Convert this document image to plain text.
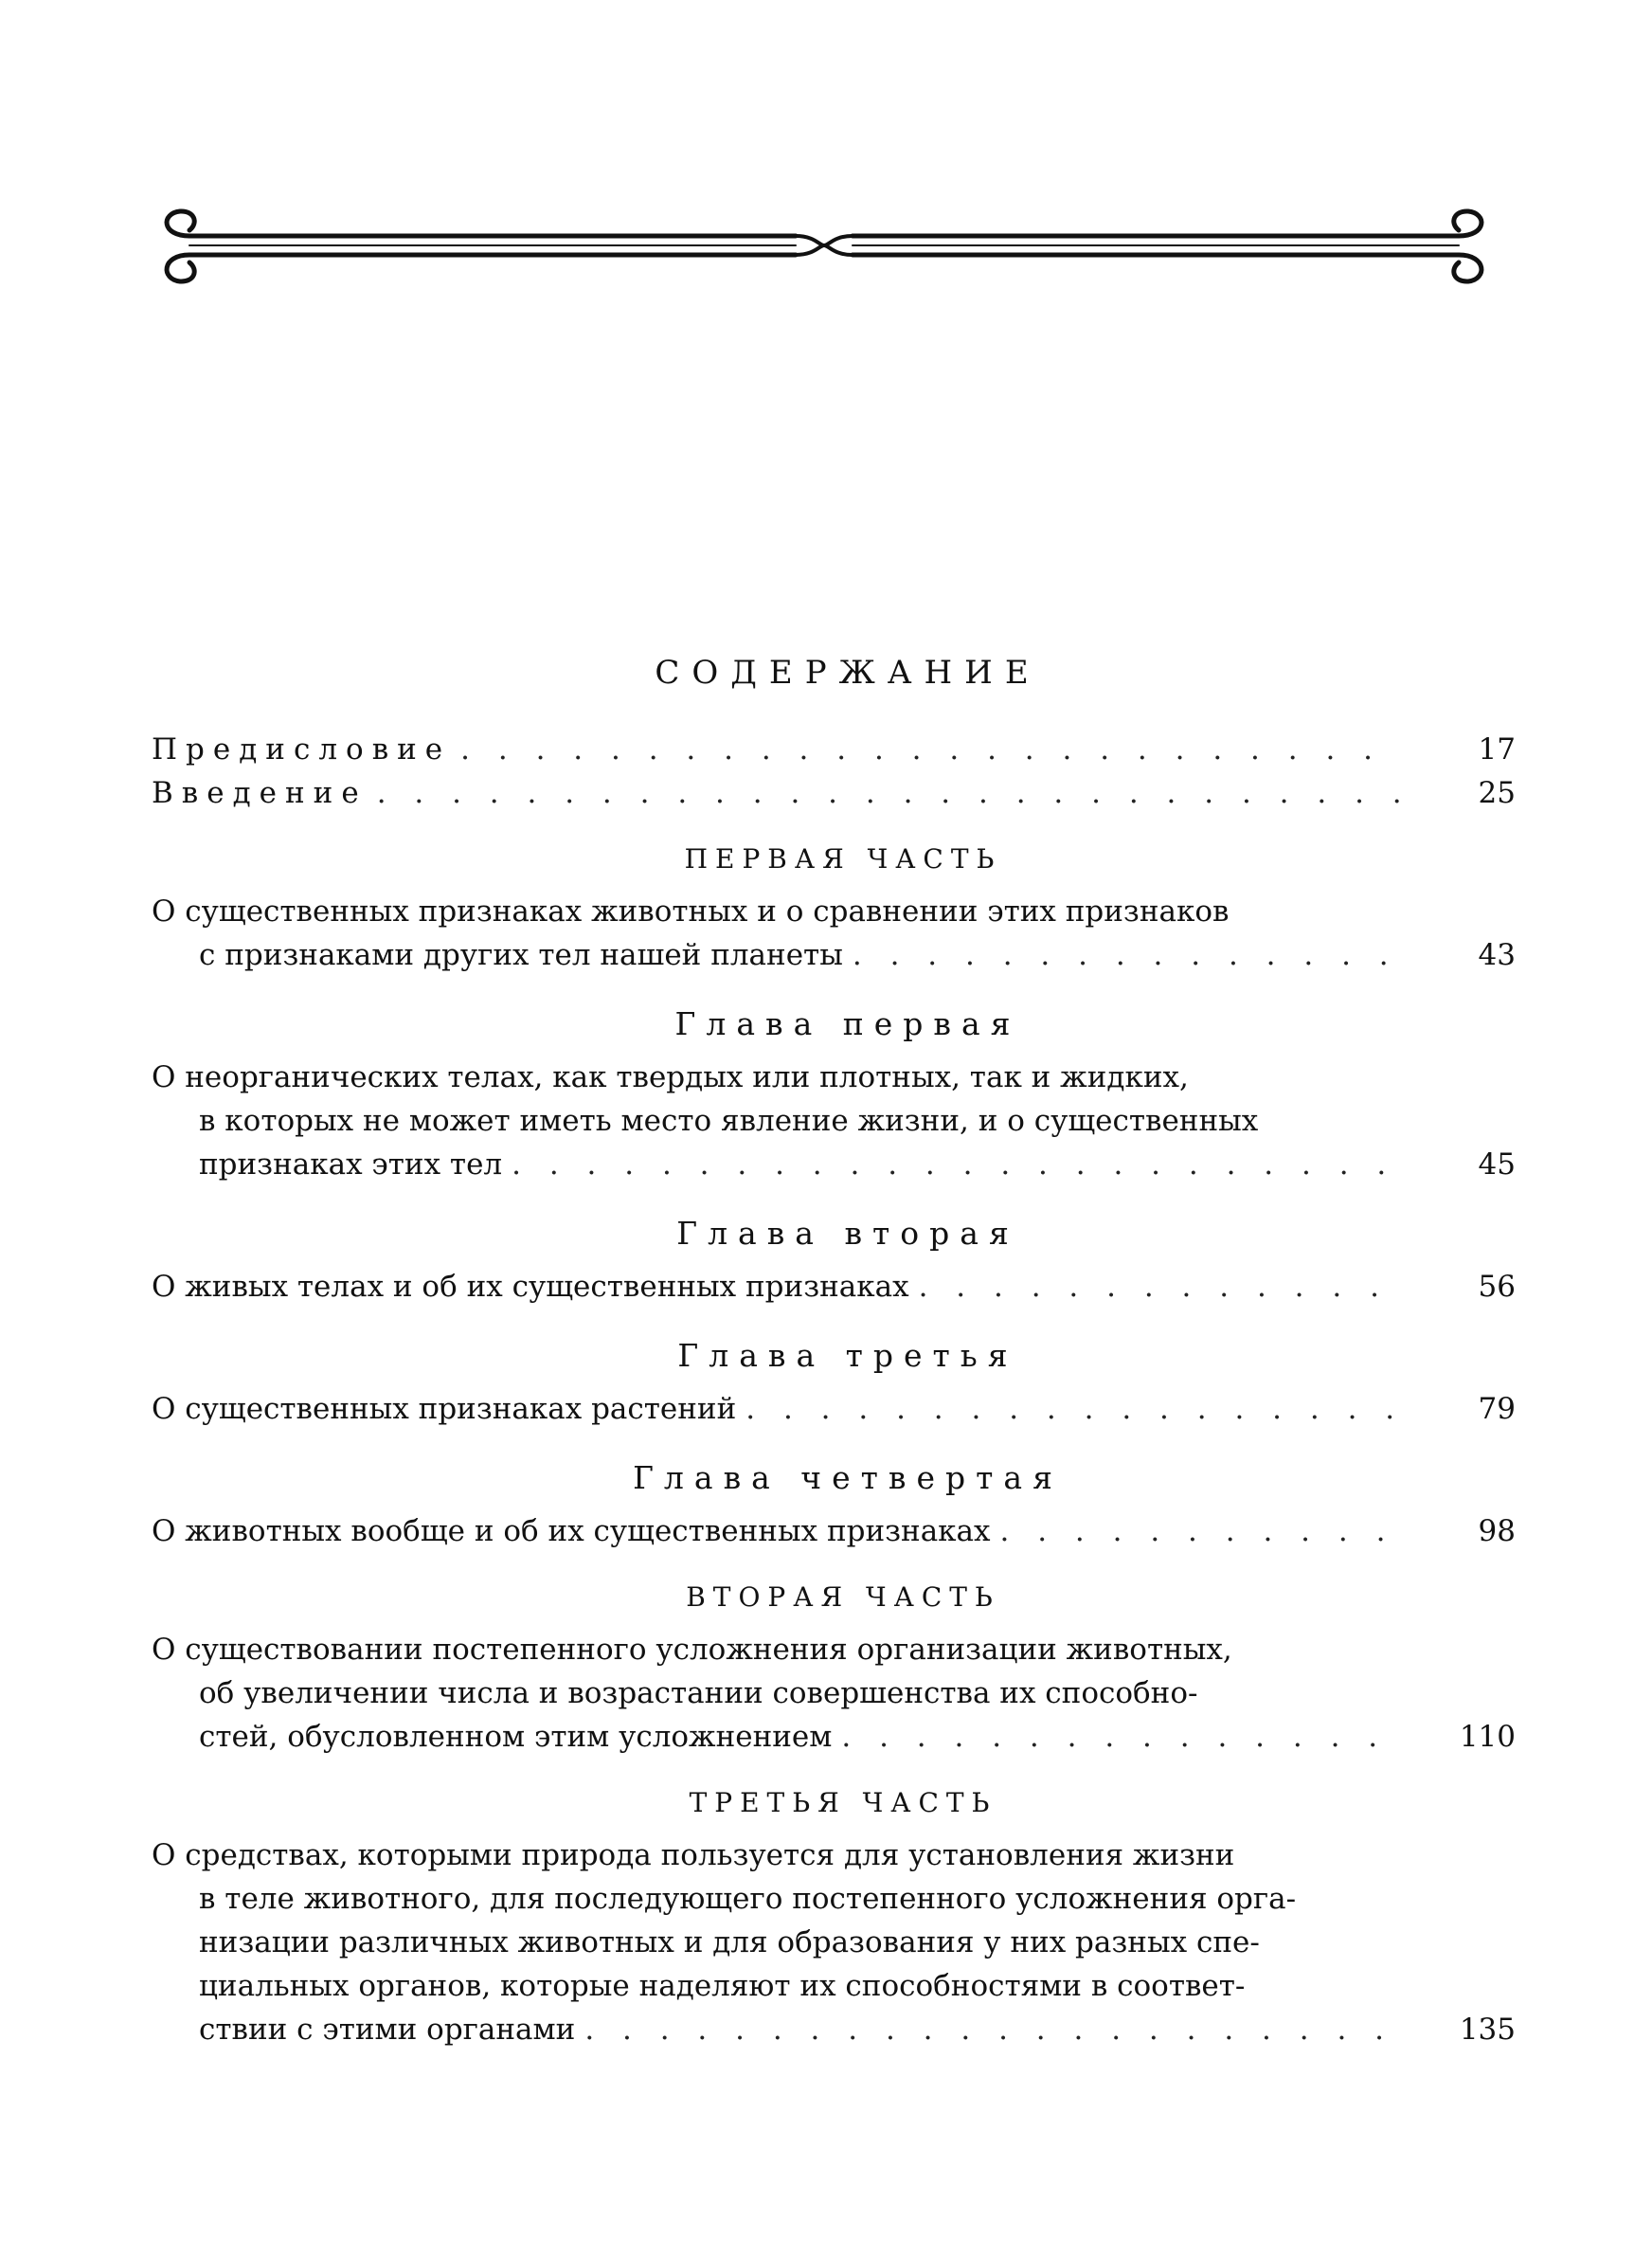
СОДЕРЖАНИЕ
Предисловие . . .	17
Введение . . .	25
ПЕРВАЯ ЧАСТЬ
О существенных признаках животных и о сравнении этих признаков
с признаками других тел нашей планеты . . .	43
Глава первая
О неорганических телах, как твердых или плотных, так и жидких,
в которых не может иметь место явление жизни, и о существенных
признаках этих тел . . .	45
Глава вторая
О живых телах и об их существенных признаках . . .	56
Глава третья
О существенных признаках растений . . .	79
Глава четвертая
О животных вообще и об их существенных признаках . . .	98
ВТОРАЯ ЧАСТЬ
О существовании постепенного усложнения организации животных,
об увеличении числа и возрастании совершенства их способно-
стей, обусловленном этим усложнением . . .	110
ТРЕТЬЯ ЧАСТЬ
О средствах, которыми природа пользуется для установления жизни
в теле животного, для последующего постепенного усложнения орга-
низации различных животных и для образования у них разных спе-
циальных органов, которые наделяют их способностями в соответ-
ствии с этими органами . . .	135
